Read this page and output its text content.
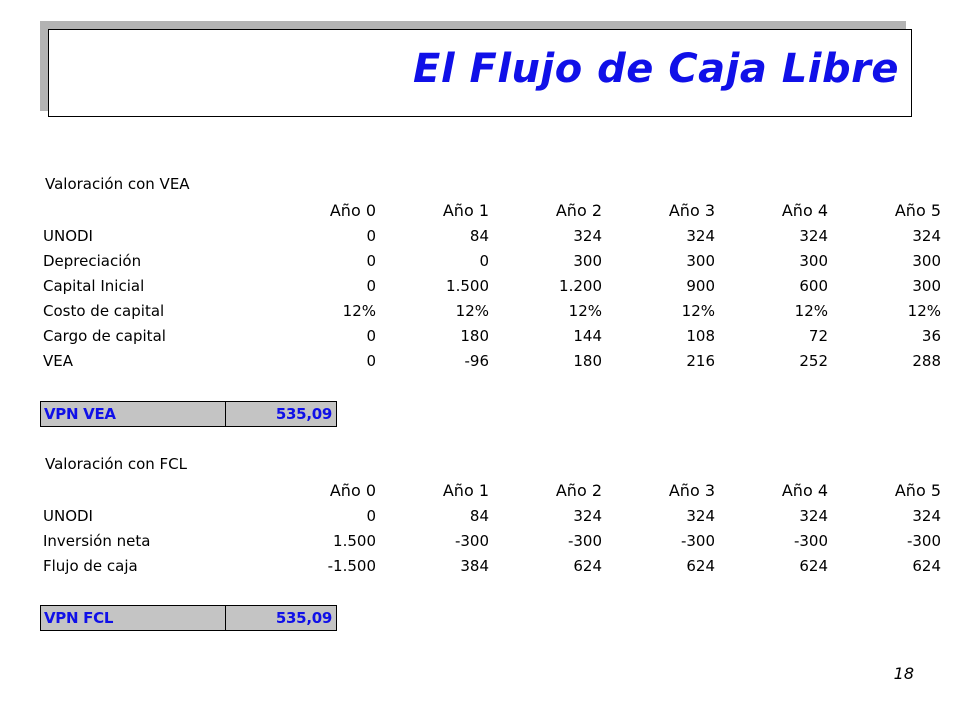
El Flujo de Caja Libre
Valoración con VEA
	Año 0	Año 1	Año 2	Año 3	Año 4	Año 5
UNODI	0	84	324	324	324	324
Depreciación	0	0	300	300	300	300
Capital Inicial	0	1.500	1.200	900	600	300
Costo de capital	12%	12%	12%	12%	12%	12%
Cargo de capital	0	180	144	108	72	36
VEA	0	-96	180	216	252	288
VPN VEA	535,09
Valoración con FCL
	Año 0	Año 1	Año 2	Año 3	Año 4	Año 5
UNODI	0	84	324	324	324	324
Inversión neta	1.500	-300	-300	-300	-300	-300
Flujo de caja	-1.500	384	624	624	624	624
VPN FCL	535,09
18
